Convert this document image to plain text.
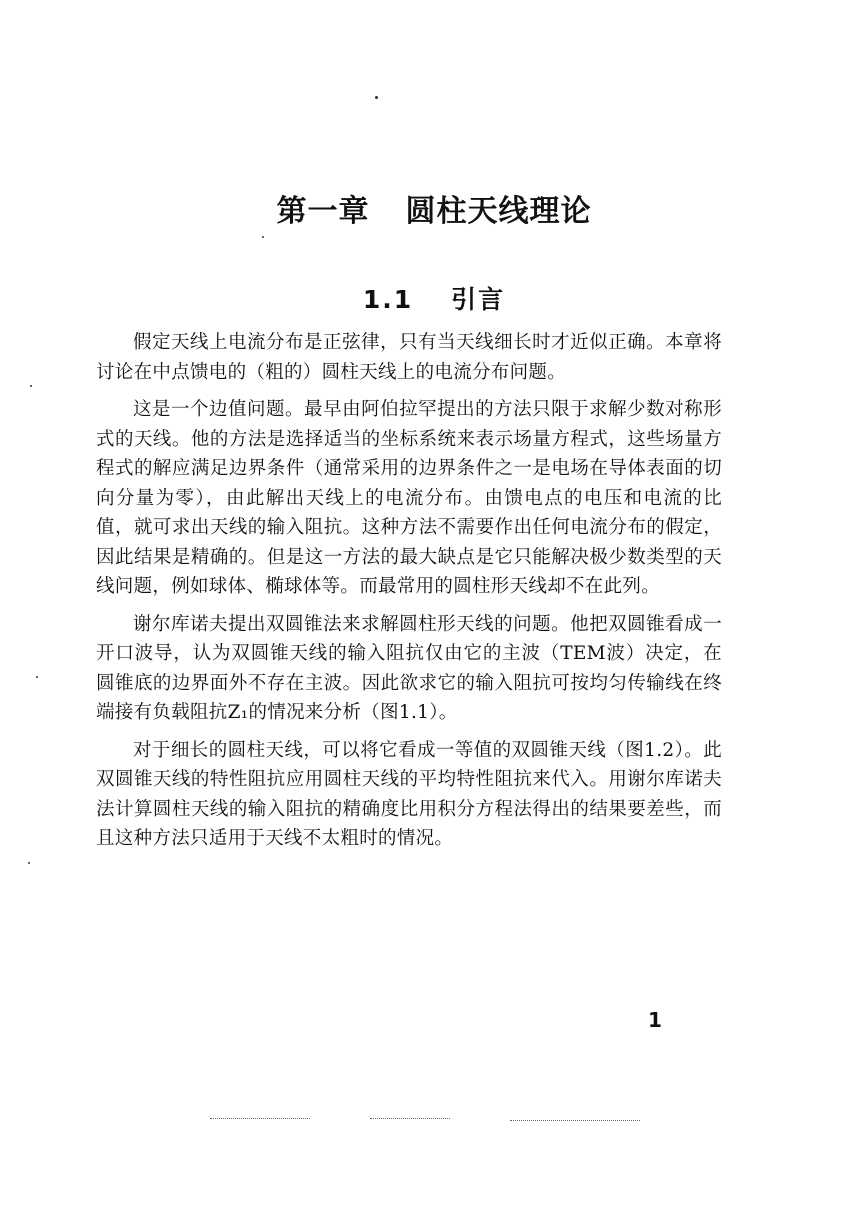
第一章 圆柱天线理论
1.1 引言

假定天线上电流分布是正弦律，只有当天线细长时才近似正确。本章将讨论在中点馈电的（粗的）圆柱天线上的电流分布问题。

这是一个边值问题。最早由阿伯拉罕提出的方法只限于求解少数对称形式的天线。他的方法是选择适当的坐标系统来表示场量方程式，这些场量方程式的解应满足边界条件（通常采用的边界条件之一是电场在导体表面的切向分量为零），由此解出天线上的电流分布。由馈电点的电压和电流的比值，就可求出天线的输入阻抗。这种方法不需要作出任何电流分布的假定，因此结果是精确的。但是这一方法的最大缺点是它只能解决极少数类型的天线问题，例如球体、椭球体等。而最常用的圆柱形天线却不在此列。

谢尔库诺夫提出双圆锥法来求解圆柱形天线的问题。他把双圆锥看成一开口波导，认为双圆锥天线的输入阻抗仅由它的主波（TEM波）决定，在圆锥底的边界面外不存在主波。因此欲求它的输入阻抗可按均匀传输线在终端接有负载阻抗Z₁的情况来分析（图1.1）。

对于细长的圆柱天线，可以将它看成一等值的双圆锥天线（图1.2）。此双圆锥天线的特性阻抗应用圆柱天线的平均特性阻抗来代入。用谢尔库诺夫法计算圆柱天线的输入阻抗的精确度比用积分方程法得出的结果要差些，而且这种方法只适用于天线不太粗时的情况。

1
